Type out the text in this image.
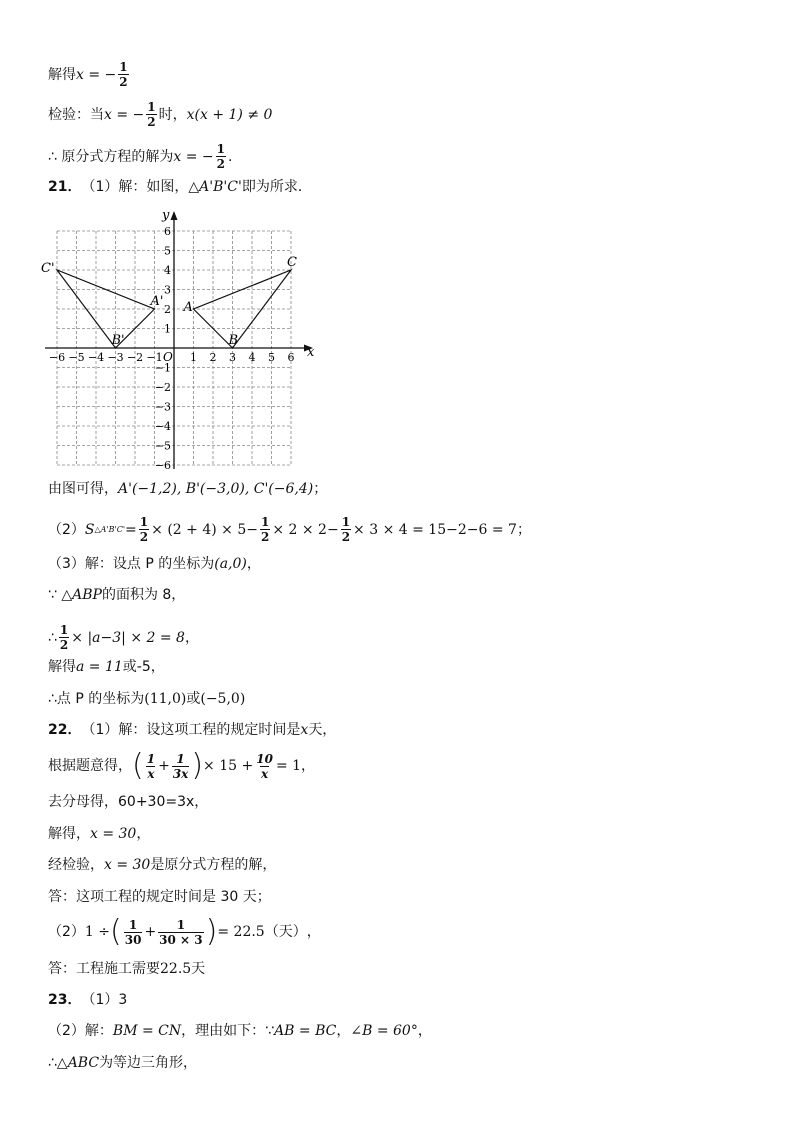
解得 x = − $\frac{1}{2}$
检验：当 x = − $\frac{1}{2}$ 时， x(x + 1) ≠ 0
∴ 原分式方程的解为 x = − $\frac{1}{2}$ .
21． （1）解：如图，△ A'B'C' 即为所求．
x
y
O
−6 −5 −4 −3 −2 −1 1 2 3 4 5 6
6
5
4
3
2
1
−1
−2
−3
−4
−5
−6
A
B
C
A'
B'
C'
由图可得， A'(−1,2), B'(−3,0), C'(−6,4) ；
（2） S △A'B'C' = $\frac{1}{2} \times (2 + 4) \times 5- \frac{1}{2} \times 2 \times 2- \frac{1}{2} \times 3 \times 4 = 15-2-6 = 7$ ；
（3）解：设点 P 的坐标为 (a,0) ，
∵ △ ABP 的面积为 8，
∴ $\frac{1}{2} \times |a-3| \times 2 = 8$ ，
解得 a = 11 或-5，
∴点 P 的坐标为 (11,0) 或 (−5,0)
22． （1）解：设这项工程的规定时间是 x 天，
根据题意得， ( $\frac{1}{x} + \frac{1}{3x}$ ) × $15 + \frac{10}{x} = 1$，
去分母得，60+30=3x，
解得， x = 30 ，
经检验， x = 30 是原分式方程的解，
答：这项工程的规定时间是 30 天；
（2） 1 ÷ ( $\frac{1}{30} + \frac{1}{30 \times 3}$ ) = 22.5（天） ，
答：工程施工需要 22.5 天
23． （1）3
（2）解： BM = CN ，理由如下：∵ AB = BC ， ∠B = 60° ，
∴△ ABC 为等边三角形，
